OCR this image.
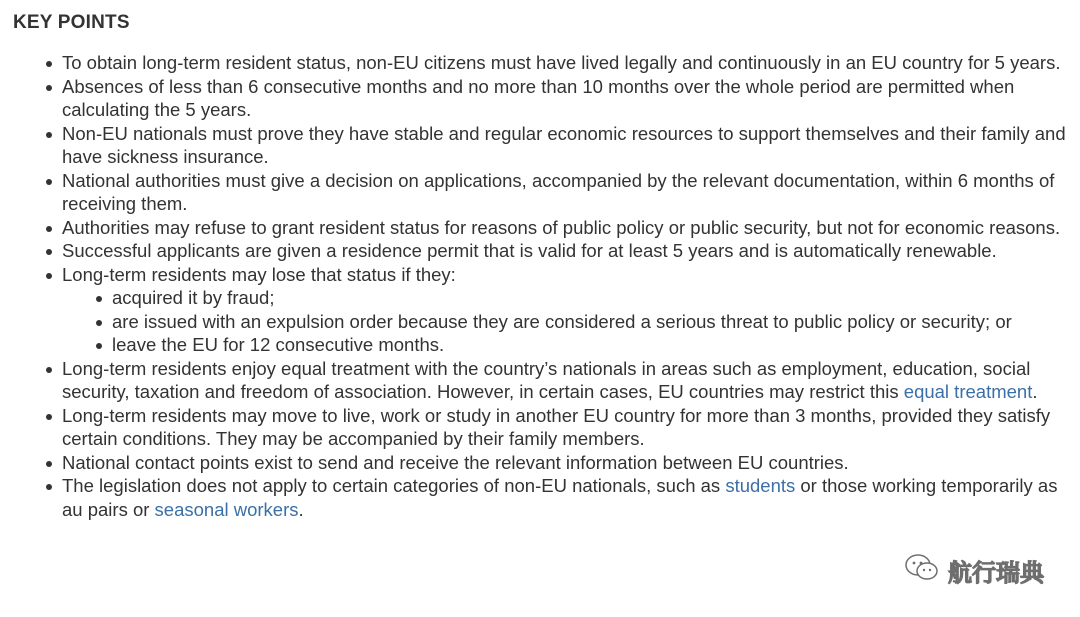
KEY POINTS
To obtain long-term resident status, non-EU citizens must have lived legally and continuously in an EU country for 5 years.
Absences of less than 6 consecutive months and no more than 10 months over the whole period are permitted when calculating the 5 years.
Non-EU nationals must prove they have stable and regular economic resources to support themselves and their family and have sickness insurance.
National authorities must give a decision on applications, accompanied by the relevant documentation, within 6 months of receiving them.
Authorities may refuse to grant resident status for reasons of public policy or public security, but not for economic reasons.
Successful applicants are given a residence permit that is valid for at least 5 years and is automatically renewable.
Long-term residents may lose that status if they:
acquired it by fraud;
are issued with an expulsion order because they are considered a serious threat to public policy or security; or
leave the EU for 12 consecutive months.
Long-term residents enjoy equal treatment with the country’s nationals in areas such as employment, education, social security, taxation and freedom of association. However, in certain cases, EU countries may restrict this equal treatment.
Long-term residents may move to live, work or study in another EU country for more than 3 months, provided they satisfy certain conditions. They may be accompanied by their family members.
National contact points exist to send and receive the relevant information between EU countries.
The legislation does not apply to certain categories of non-EU nationals, such as students or those working temporarily as au pairs or seasonal workers.
航行瑞典
